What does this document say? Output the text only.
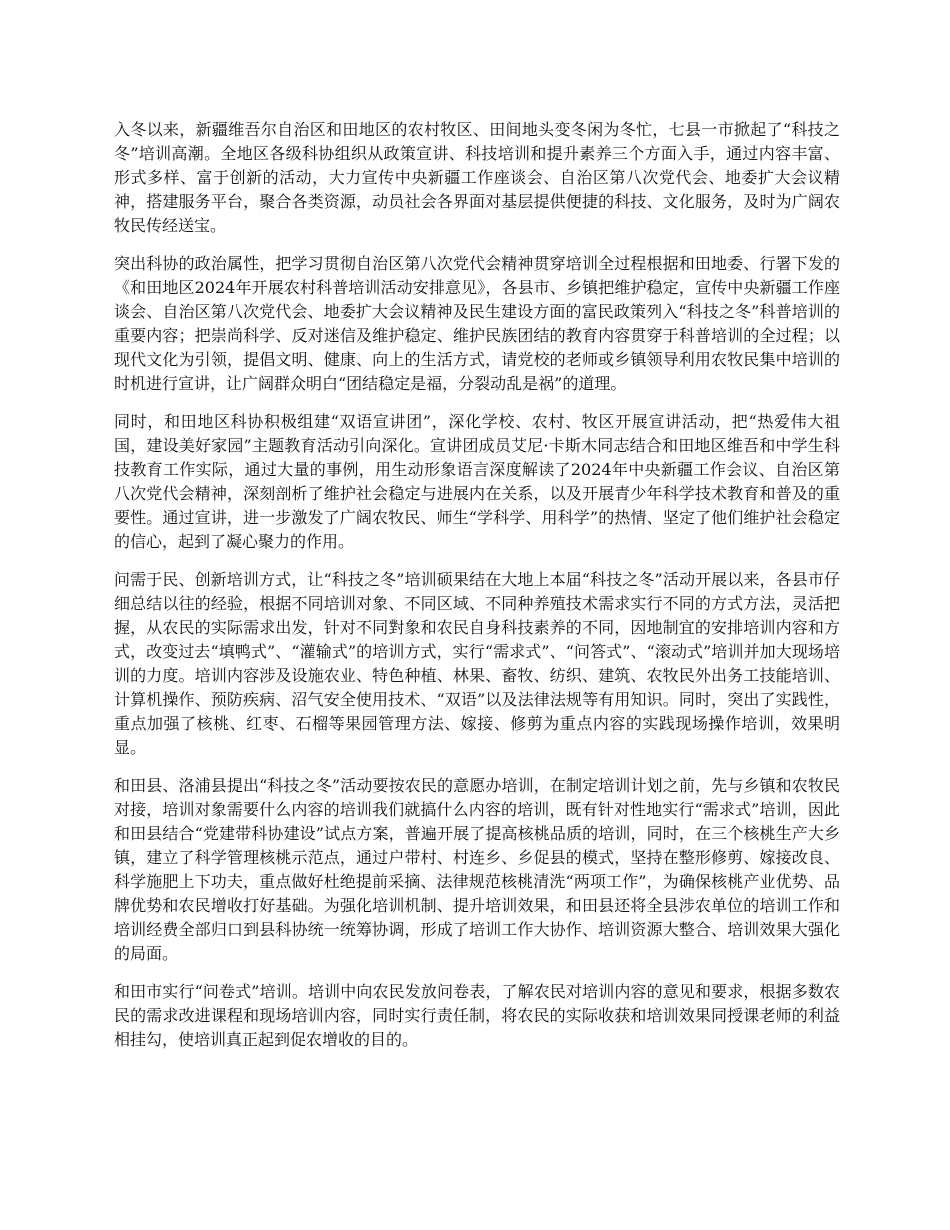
入冬以来，新疆维吾尔自治区和田地区的农村牧区、田间地头变冬闲为冬忙，七县一市掀起了“科技之冬”培训高潮。全地区各级科协组织从政策宣讲、科技培训和提升素养三个方面入手，通过内容丰富、形式多样、富于创新的活动，大力宣传中央新疆工作座谈会、自治区第八次党代会、地委扩大会议精神，搭建服务平台，聚合各类资源，动员社会各界面对基层提供便捷的科技、文化服务，及时为广阔农牧民传经送宝。

突出科协的政治属性，把学习贯彻自治区第八次党代会精神贯穿培训全过程根据和田地委、行署下发的《和田地区2024年开展农村科普培训活动安排意见》，各县市、乡镇把维护稳定，宣传中央新疆工作座谈会、自治区第八次党代会、地委扩大会议精神及民生建设方面的富民政策列入“科技之冬”科普培训的重要内容；把崇尚科学、反对迷信及维护稳定、维护民族团结的教育内容贯穿于科普培训的全过程；以现代文化为引领，提倡文明、健康、向上的生活方式，请党校的老师或乡镇领导利用农牧民集中培训的时机进行宣讲，让广阔群众明白“团结稳定是福，分裂动乱是祸”的道理。

同时，和田地区科协积极组建“双语宣讲团”，深化学校、农村、牧区开展宣讲活动，把“热爱伟大祖国，建设美好家园”主题教育活动引向深化。宣讲团成员艾尼·卡斯木同志结合和田地区维吾和中学生科技教育工作实际，通过大量的事例，用生动形象语言深度解读了2024年中央新疆工作会议、自治区第八次党代会精神，深刻剖析了维护社会稳定与进展内在关系，以及开展青少年科学技术教育和普及的重要性。通过宣讲，进一步激发了广阔农牧民、师生“学科学、用科学”的热情、坚定了他们维护社会稳定的信心，起到了凝心聚力的作用。

问需于民、创新培训方式，让“科技之冬”培训硕果结在大地上本届“科技之冬”活动开展以来，各县市仔细总结以往的经验，根据不同培训对象、不同区域、不同种养殖技术需求实行不同的方式方法，灵活把握，从农民的实际需求出发，针对不同對象和农民自身科技素养的不同，因地制宜的安排培训内容和方式，改变过去“填鸭式”、“灌输式”的培训方式，实行“需求式”、“问答式”、“滚动式”培训并加大现场培训的力度。培训内容涉及设施农业、特色种植、林果、畜牧、纺织、建筑、农牧民外出务工技能培训、计算机操作、预防疾病、沼气安全使用技术、“双语”以及法律法规等有用知识。同时，突出了实践性，重点加强了核桃、红枣、石榴等果园管理方法、嫁接、修剪为重点内容的实践现场操作培训，效果明显。

和田县、洛浦县提出“科技之冬”活动要按农民的意愿办培训，在制定培训计划之前，先与乡镇和农牧民对接，培训对象需要什么内容的培训我们就搞什么内容的培训，既有针对性地实行“需求式”培训，因此和田县结合“党建带科协建设”试点方案，普遍开展了提高核桃品质的培训，同时，在三个核桃生产大乡镇，建立了科学管理核桃示范点，通过户带村、村连乡、乡促县的模式，坚持在整形修剪、嫁接改良、科学施肥上下功夫，重点做好杜绝提前采摘、法律规范核桃清洗“两项工作”，为确保核桃产业优势、品牌优势和农民增收打好基础。为强化培训机制、提升培训效果，和田县还将全县涉农单位的培训工作和培训经费全部归口到县科协统一统筹协调，形成了培训工作大协作、培训资源大整合、培训效果大强化的局面。

和田市实行“问卷式”培训。培训中向农民发放问卷表，了解农民对培训内容的意见和要求，根据多数农民的需求改进课程和现场培训内容，同时实行责任制，将农民的实际收获和培训效果同授课老师的利益相挂勾，使培训真正起到促农增收的目的。
